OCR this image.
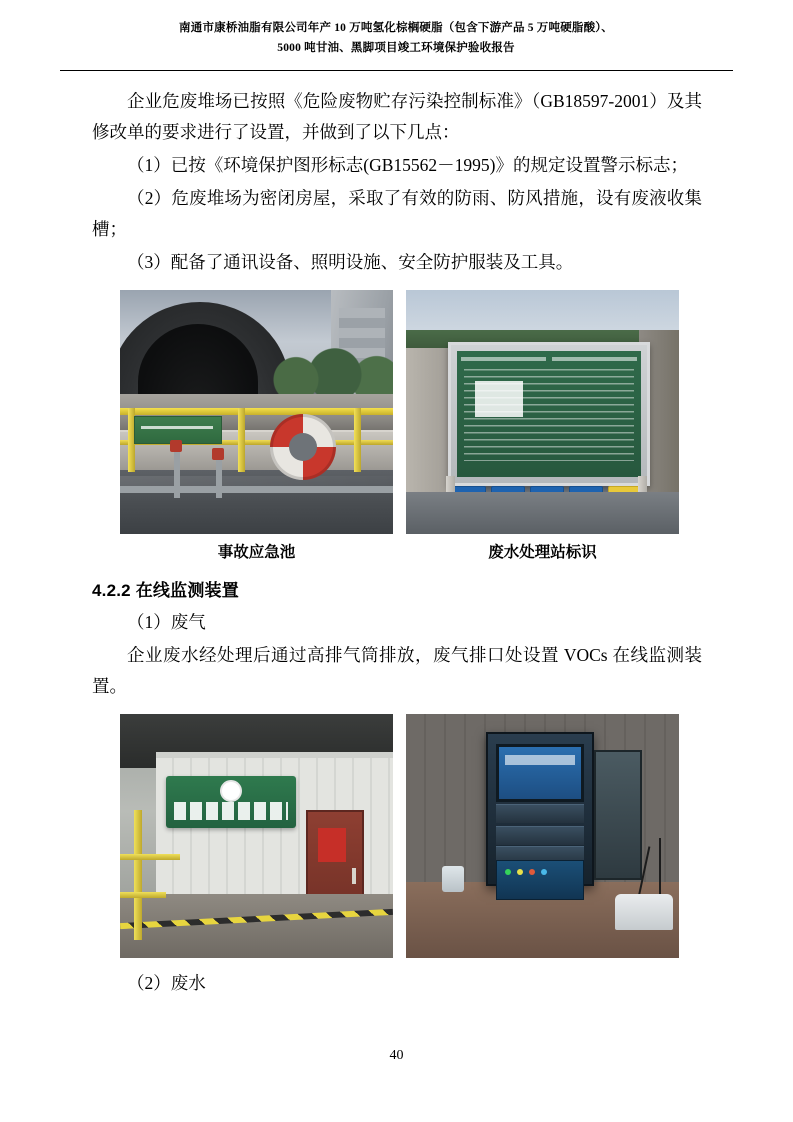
南通市康桥油脂有限公司年产 10 万吨氢化棕榈硬脂（包含下游产品 5 万吨硬脂酸）、
5000 吨甘油、黑脚项目竣工环境保护验收报告

企业危废堆场已按照《危险废物贮存污染控制标准》（GB18597-2001）及其修改单的要求进行了设置，并做到了以下几点：

（1）已按《环境保护图形标志(GB15562－1995)》的规定设置警示标志；

（2）危废堆场为密闭房屋，采取了有效的防雨、防风措施，设有废液收集槽；

（3）配备了通讯设备、照明设施、安全防护服装及工具。

事故应急池	废水处理站标识
4.2.2 在线监测装置

（1）废气

企业废水经处理后通过高排气筒排放，废气排口处设置 VOCs 在线监测装置。

（2）废水

40
